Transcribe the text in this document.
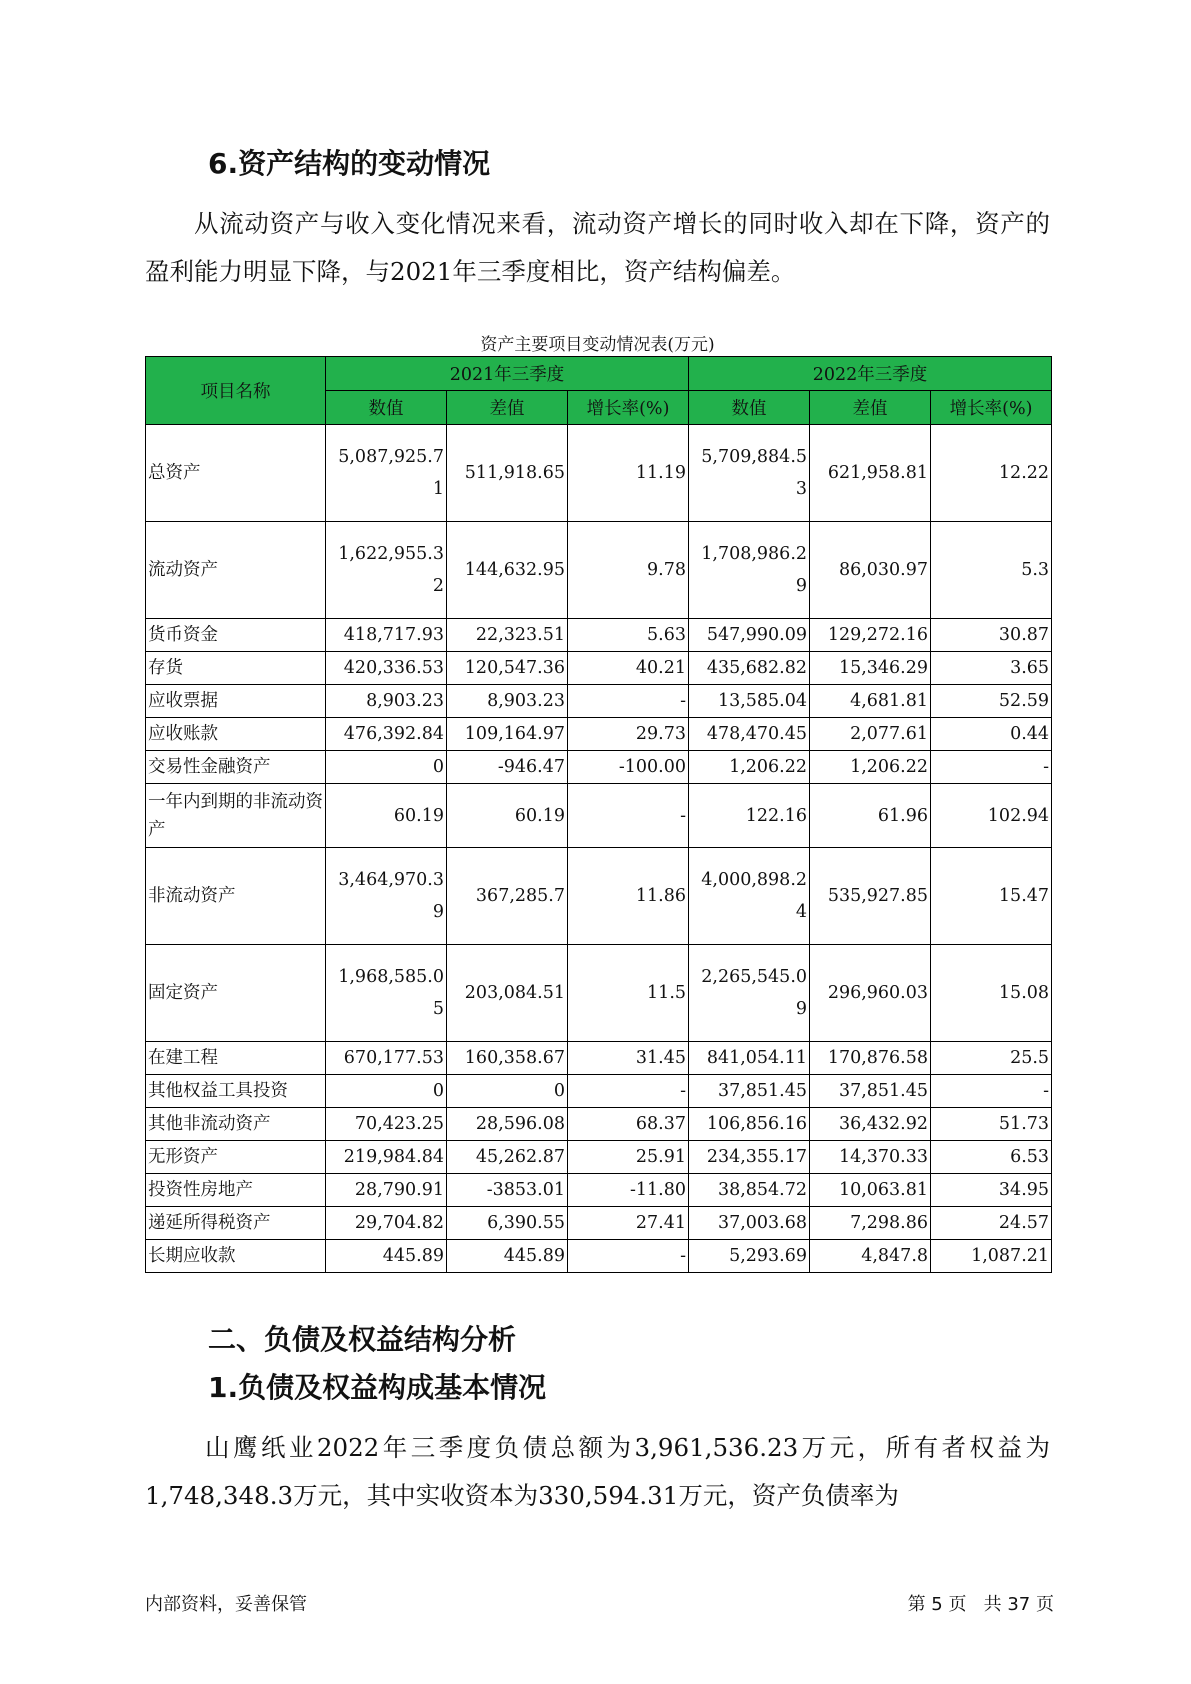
6.资产结构的变动情况
从流动资产与收入变化情况来看，流动资产增长的同时收入却在下降，资产的盈利能力明显下降，与2021年三季度相比，资产结构偏差。
资产主要项目变动情况表(万元)
项目名称	2021年三季度			2022年三季度		
	数值	差值	增长率(%)	数值	差值	增长率(%)
总资产	5,087,925.71	511,918.65	11.19	5,709,884.53	621,958.81	12.22
流动资产	1,622,955.32	144,632.95	9.78	1,708,986.29	86,030.97	5.3
货币资金	418,717.93	22,323.51	5.63	547,990.09	129,272.16	30.87
存货	420,336.53	120,547.36	40.21	435,682.82	15,346.29	3.65
应收票据	8,903.23	8,903.23	-	13,585.04	4,681.81	52.59
应收账款	476,392.84	109,164.97	29.73	478,470.45	2,077.61	0.44
交易性金融资产	0	-946.47	-100.00	1,206.22	1,206.22	-
一年内到期的非流动资产	60.19	60.19	-	122.16	61.96	102.94
非流动资产	3,464,970.39	367,285.7	11.86	4,000,898.24	535,927.85	15.47
固定资产	1,968,585.05	203,084.51	11.5	2,265,545.09	296,960.03	15.08
在建工程	670,177.53	160,358.67	31.45	841,054.11	170,876.58	25.5
其他权益工具投资	0	0	-	37,851.45	37,851.45	-
其他非流动资产	70,423.25	28,596.08	68.37	106,856.16	36,432.92	51.73
无形资产	219,984.84	45,262.87	25.91	234,355.17	14,370.33	6.53
投资性房地产	28,790.91	-3853.01	-11.80	38,854.72	10,063.81	34.95
递延所得税资产	29,704.82	6,390.55	27.41	37,003.68	7,298.86	24.57
长期应收款	445.89	445.89	-	5,293.69	4,847.8	1,087.21
二、负债及权益结构分析
1.负债及权益构成基本情况
山鹰纸业2022年三季度负债总额为3,961,536.23万元，所有者权益为1,748,348.3万元，其中实收资本为330,594.31万元，资产负债率为
内部资料，妥善保管	第 5 页   共 37 页
